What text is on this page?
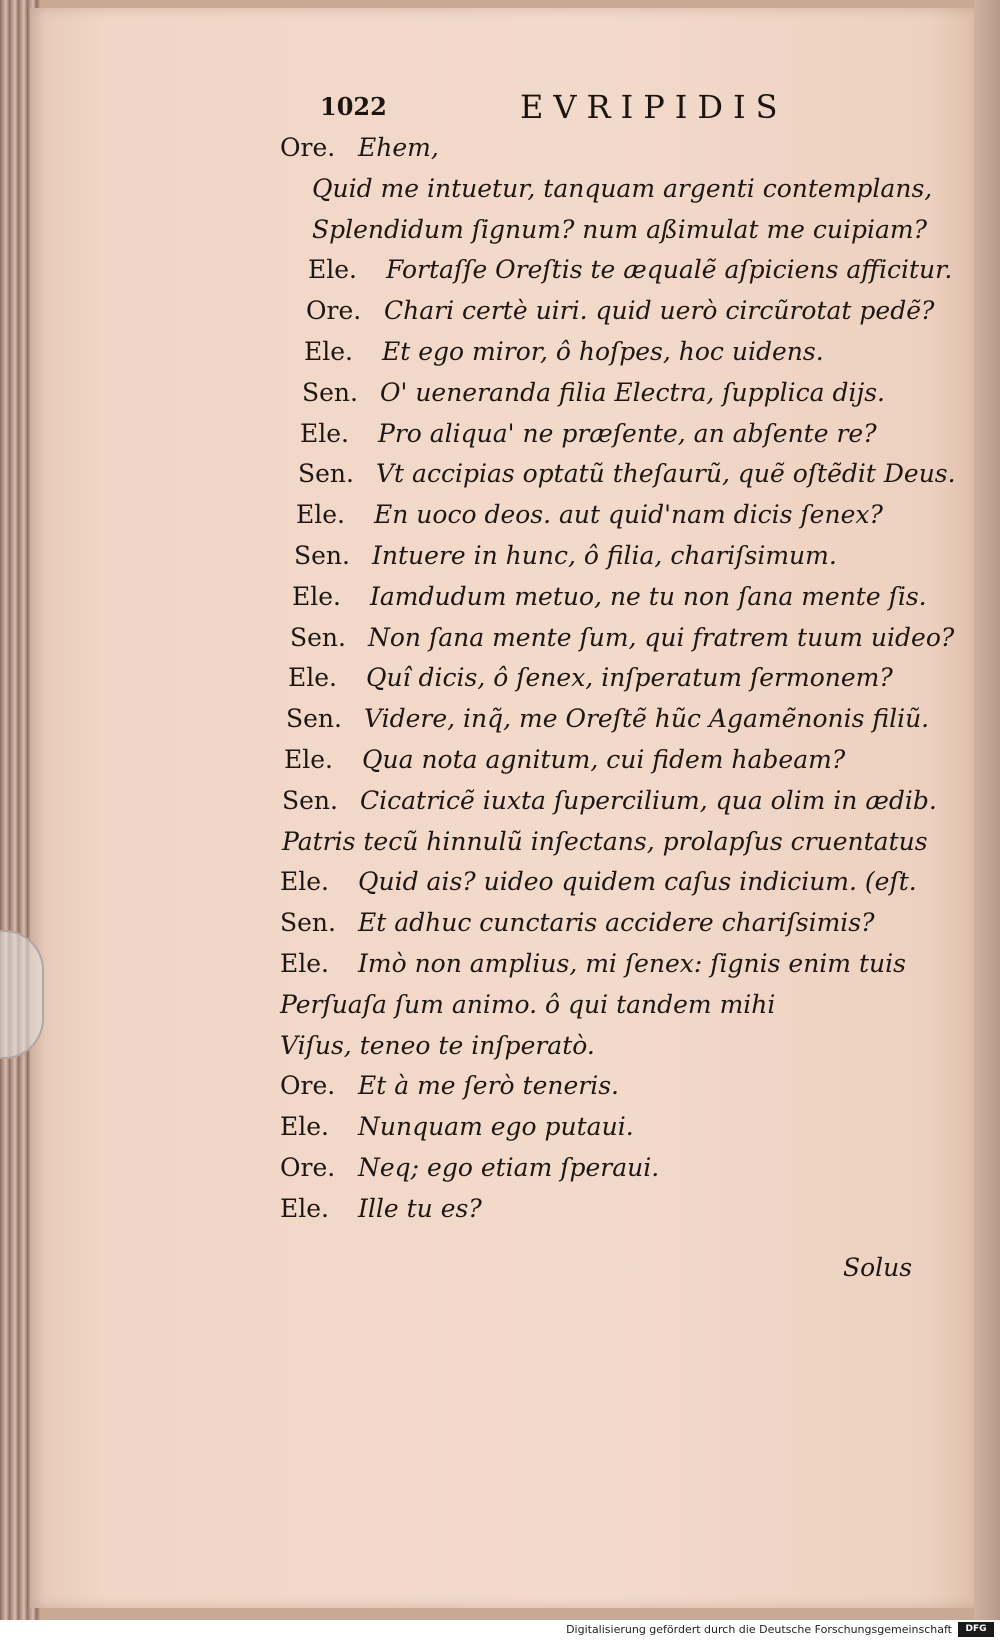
1022	EVRIPIDIS
Ore. Ehem,
Quid me intuetur, tanquam argenti contemplans,
Splendidum ſignum? num aßimulat me cuipiam?
Ele. Fortaſſe Oreſtis te æqualẽ aſpiciens afficitur.
Ore. Chari certè uiri. quid uerò circũrotat pedẽ?
Ele. Et ego miror, ô hoſpes, hoc uidens.
Sen. O' ueneranda filia Electra, ſupplica dijs.
Ele. Pro aliqua' ne præſente, an abſente re?
Sen. Vt accipias optatũ theſaurũ, quẽ oſtẽdit Deus.
Ele. En uoco deos. aut quid'nam dicis ſenex?
Sen. Intuere in hunc, ô filia, chariſsimum.
Ele. Iamdudum metuo, ne tu non ſana mente ſis.
Sen. Non ſana mente ſum, qui fratrem tuum uideo?
Ele. Quî dicis, ô ſenex, inſperatum ſermonem?
Sen. Videre, inq̃, me Oreſtẽ hũc Agamẽnonis filiũ.
Ele. Qua nota agnitum, cui fidem habeam?
Sen. Cicatricẽ iuxta ſupercilium, qua olim in ædib.
Patris tecũ hinnulũ inſectans, prolapſus cruentatus
Ele. Quid ais? uideo quidem caſus indicium. (eſt.
Sen. Et adhuc cunctaris accidere chariſsimis?
Ele. Imò non amplius, mi ſenex: ſignis enim tuis
Perſuaſa ſum animo. ô qui tandem mihi
Viſus, teneo te inſperatò.
Ore. Et à me ſerò teneris.
Ele. Nunquam ego putaui.
Ore. Neq; ego etiam ſperaui.
Ele. Ille tu es?
Solus
Digitalisierung gefördert durch die Deutsche Forschungsgemeinschaft	DFG
